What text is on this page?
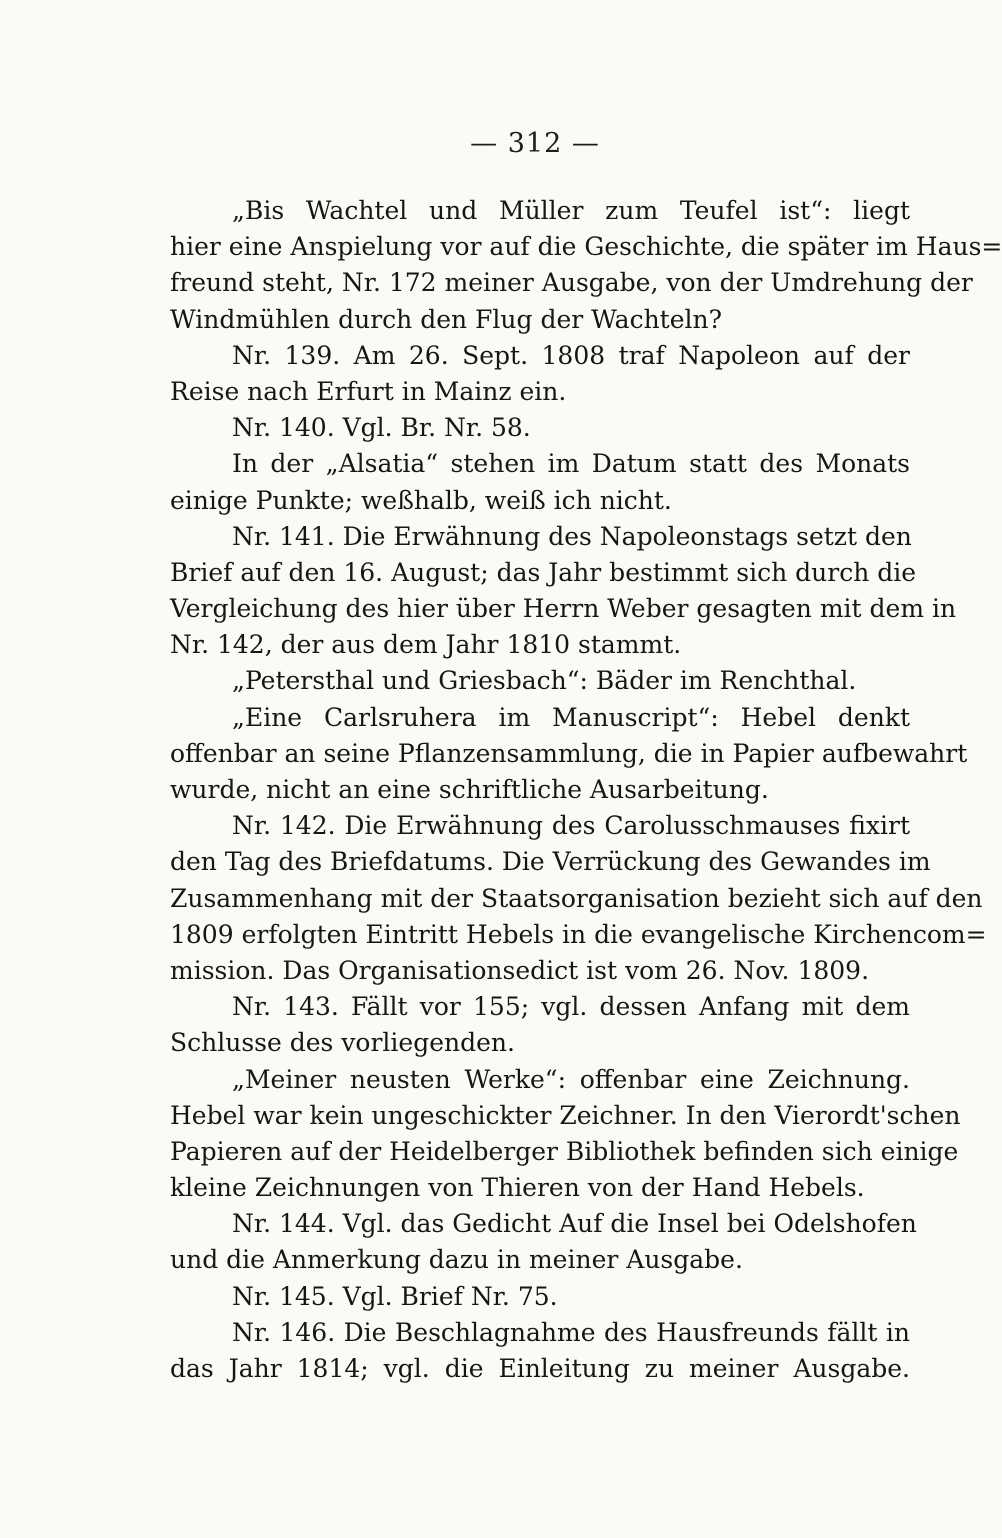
— 312 —
„Bis Wachtel und Müller zum Teufel ist“: liegt
hier eine Anspielung vor auf die Geschichte, die später im Haus=
freund steht, Nr. 172 meiner Ausgabe, von der Umdrehung der
Windmühlen durch den Flug der Wachteln?
Nr. 139. Am 26. Sept. 1808 traf Napoleon auf der
Reise nach Erfurt in Mainz ein.
Nr. 140. Vgl. Br. Nr. 58.
In der „Alsatia“ stehen im Datum statt des Monats
einige Punkte; weßhalb, weiß ich nicht.
Nr. 141. Die Erwähnung des Napoleonstags setzt den
Brief auf den 16. August; das Jahr bestimmt sich durch die
Vergleichung des hier über Herrn Weber gesagten mit dem in
Nr. 142, der aus dem Jahr 1810 stammt.
„Petersthal und Griesbach“: Bäder im Renchthal.
„Eine Carlsruhera im Manuscript“: Hebel denkt
offenbar an seine Pflanzensammlung, die in Papier aufbewahrt
wurde, nicht an eine schriftliche Ausarbeitung.
Nr. 142. Die Erwähnung des Carolusschmauses fixirt
den Tag des Briefdatums. Die Verrückung des Gewandes im
Zusammenhang mit der Staatsorganisation bezieht sich auf den
1809 erfolgten Eintritt Hebels in die evangelische Kirchencom=
mission. Das Organisationsedict ist vom 26. Nov. 1809.
Nr. 143. Fällt vor 155; vgl. dessen Anfang mit dem
Schlusse des vorliegenden.
„Meiner neusten Werke“: offenbar eine Zeichnung.
Hebel war kein ungeschickter Zeichner. In den Vierordt'schen
Papieren auf der Heidelberger Bibliothek befinden sich einige
kleine Zeichnungen von Thieren von der Hand Hebels.
Nr. 144. Vgl. das Gedicht Auf die Insel bei Odelshofen
und die Anmerkung dazu in meiner Ausgabe.
Nr. 145. Vgl. Brief Nr. 75.
Nr. 146. Die Beschlagnahme des Hausfreunds fällt in
das Jahr 1814; vgl. die Einleitung zu meiner Ausgabe.
